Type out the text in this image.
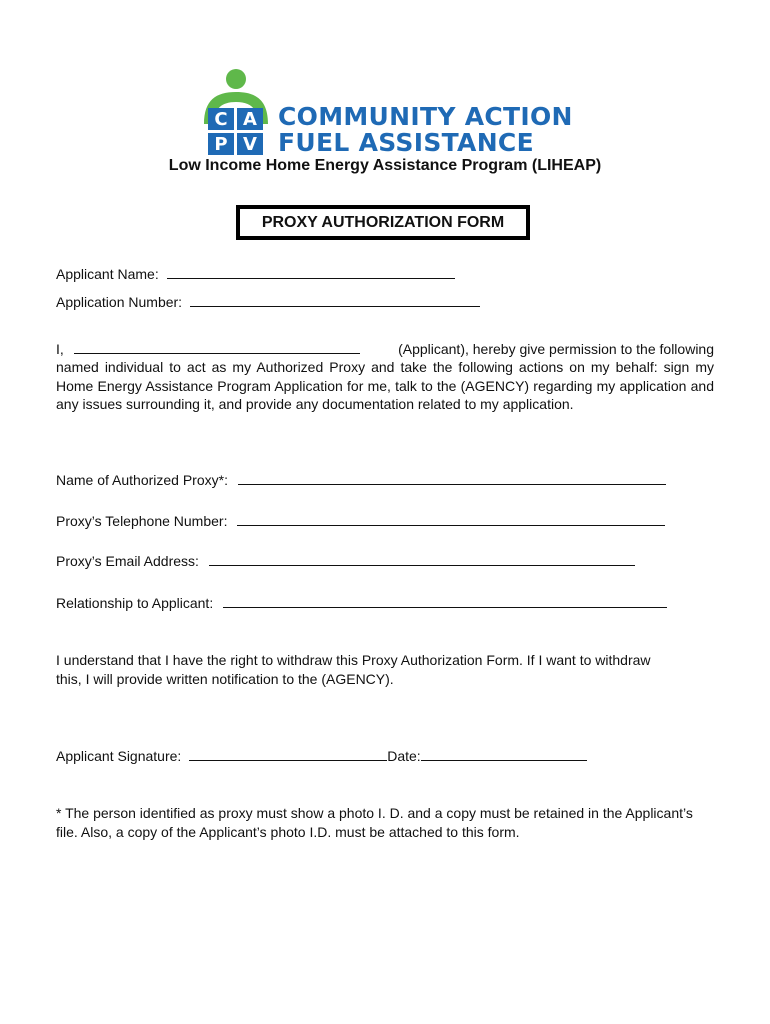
C A
P V
COMMUNITY ACTION
FUEL ASSISTANCE
Low Income Home Energy Assistance Program (LIHEAP)
PROXY AUTHORIZATION FORM
Applicant Name:
Application Number:
I,	(Applicant), hereby give permission to the following
named individual to act as my Authorized Proxy and take the following actions on my behalf: sign my Home Energy Assistance Program Application for me, talk to the (AGENCY) regarding my application and any issues surrounding it, and provide any documentation related to my application.
Name of Authorized Proxy*:
Proxy’s Telephone Number:
Proxy’s Email Address:
Relationship to Applicant:
I understand that I have the right to withdraw this Proxy Authorization Form. If I want to withdraw this, I will provide written notification to the (AGENCY).
Applicant Signature:	Date:
* The person identified as proxy must show a photo I. D. and a copy must be retained in the Applicant’s file. Also, a copy of the Applicant’s photo I.D. must be attached to this form.
